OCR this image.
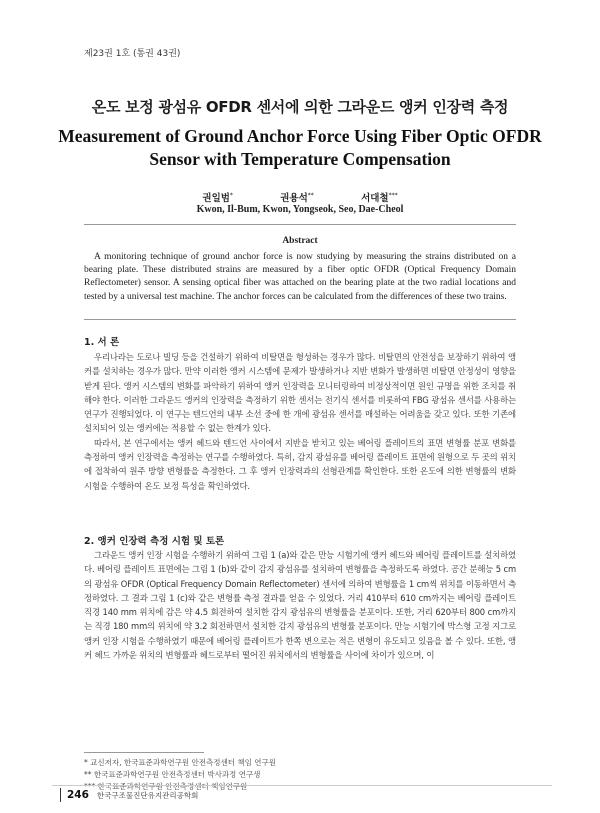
제23권 1호 (통권 43권)
온도 보정 광섬유 OFDR 센서에 의한 그라운드 앵커 인장력 측정
Measurement of Ground Anchor Force Using Fiber Optic OFDR
Sensor with Temperature Compensation
권일범*	권용석**	서대철***
Kwon, Il-Bum, Kwon, Yongseok, Seo, Dae-Cheol
Abstract
A monitoring technique of ground anchor force is now studying by measuring the strains distributed on a bearing plate. These distributed strains are measured by a fiber optic OFDR (Optical Frequency Domain Reflectometer) sensor. A sensing optical fiber was attached on the bearing plate at the two radial locations and tested by a universal test machine. The anchor forces can be calculated from the differences of these two trains.
1. 서 론

우리나라는 도로나 빌딩 등을 건설하기 위하여 비탈면을 형성하는 경우가 많다. 비탈면의 안전성을 보장하기 위하여 앵커를 설치하는 경우가 많다. 만약 이러한 앵커 시스템에 문제가 발생하거나 지반 변화가 발생하면 비탈면 안정성이 영향을 받게 된다. 앵커 시스템의 변화를 파악하기 위하여 앵커 인장력을 모니터링하여 비정상적이면 원인 규명을 위한 조치를 취해야 한다. 이러한 그라운드 앵커의 인장력을 측정하기 위한 센서는 전기식 센서를 비롯하여 FBG 광섬유 센서를 사용하는 연구가 진행되었다. 이 연구는 텐드언의 내부 소선 중에 한 개에 광섬유 센서를 매설하는 어려움을 갖고 있다. 또한 기존에 설치되어 있는 앵커에는 적용할 수 없는 한계가 있다.

따라서, 본 연구에서는 앵커 헤드와 텐드언 사이에서 지반을 받치고 있는 베어링 플레이트의 표면 변형률 분포 변화를 측정하여 앵커 인장력을 측정하는 연구를 수행하였다. 특히, 감지 광섬유를 베어링 플레이트 표면에 원형으로 두 곳의 위치에 접착하여 원주 방향 변형률을 측정한다. 그 후 앵커 인장력과의 선형관계를 확인한다. 또한 온도에 의한 변형률의 변화 시험을 수행하여 온도 보정 특성을 확인하였다.

2. 앵커 인장력 측정 시험 및 토론

그라운드 앵커 인장 시험을 수행하기 위하여 그림 1 (a)와 같은 만능 시험기에 앵커 헤드와 베어링 플레이트를 설치하였다. 베어링 플레이트 표면에는 그림 1 (b)와 같이 감지 광섬유를 설치하여 변형률을 측정하도록 하였다. 공간 분해능 5 cm의 광섬유 OFDR (Optical Frequency Domain Reflectometer) 센서에 의하여 변형률을 1 cm씩 위치를 이동하면서 측정하였다. 그 결과 그림 1 (c)와 같은 변형률 측정 결과를 얻을 수 있었다. 거리 410부터 610 cm까지는 베어링 플레이트 직경 140 mm 위치에 감은 약 4.5 회전하여 설치한 감지 광섬유의 변형률을 분포이다. 또한, 거리 620부터 800 cm까지는 직경 180 mm의 위치에 약 3.2 회전하면서 설치한 감지 광섬유의 변형률 분포이다. 만능 시험기에 박스형 고정 지그로 앵커 인장 시험을 수행하였기 때문에 베어링 플레이트가 한쪽 변으로는 적은 변형이 유도되고 있음을 볼 수 있다. 또한, 앵커 헤드 가까운 위치의 변형률과 헤드로부터 떨어진 위치에서의 변형률을 사이에 차이가 있으며, 이

* 교신저자, 한국표준과학연구원 안전측정센터 책임 연구원
** 한국표준과학연구원 안전측정센터 박사과정 연구생
*** 한국표준과학연구원 안전측정센터 책임연구원
246 한국구조물진단유지관리공학회
